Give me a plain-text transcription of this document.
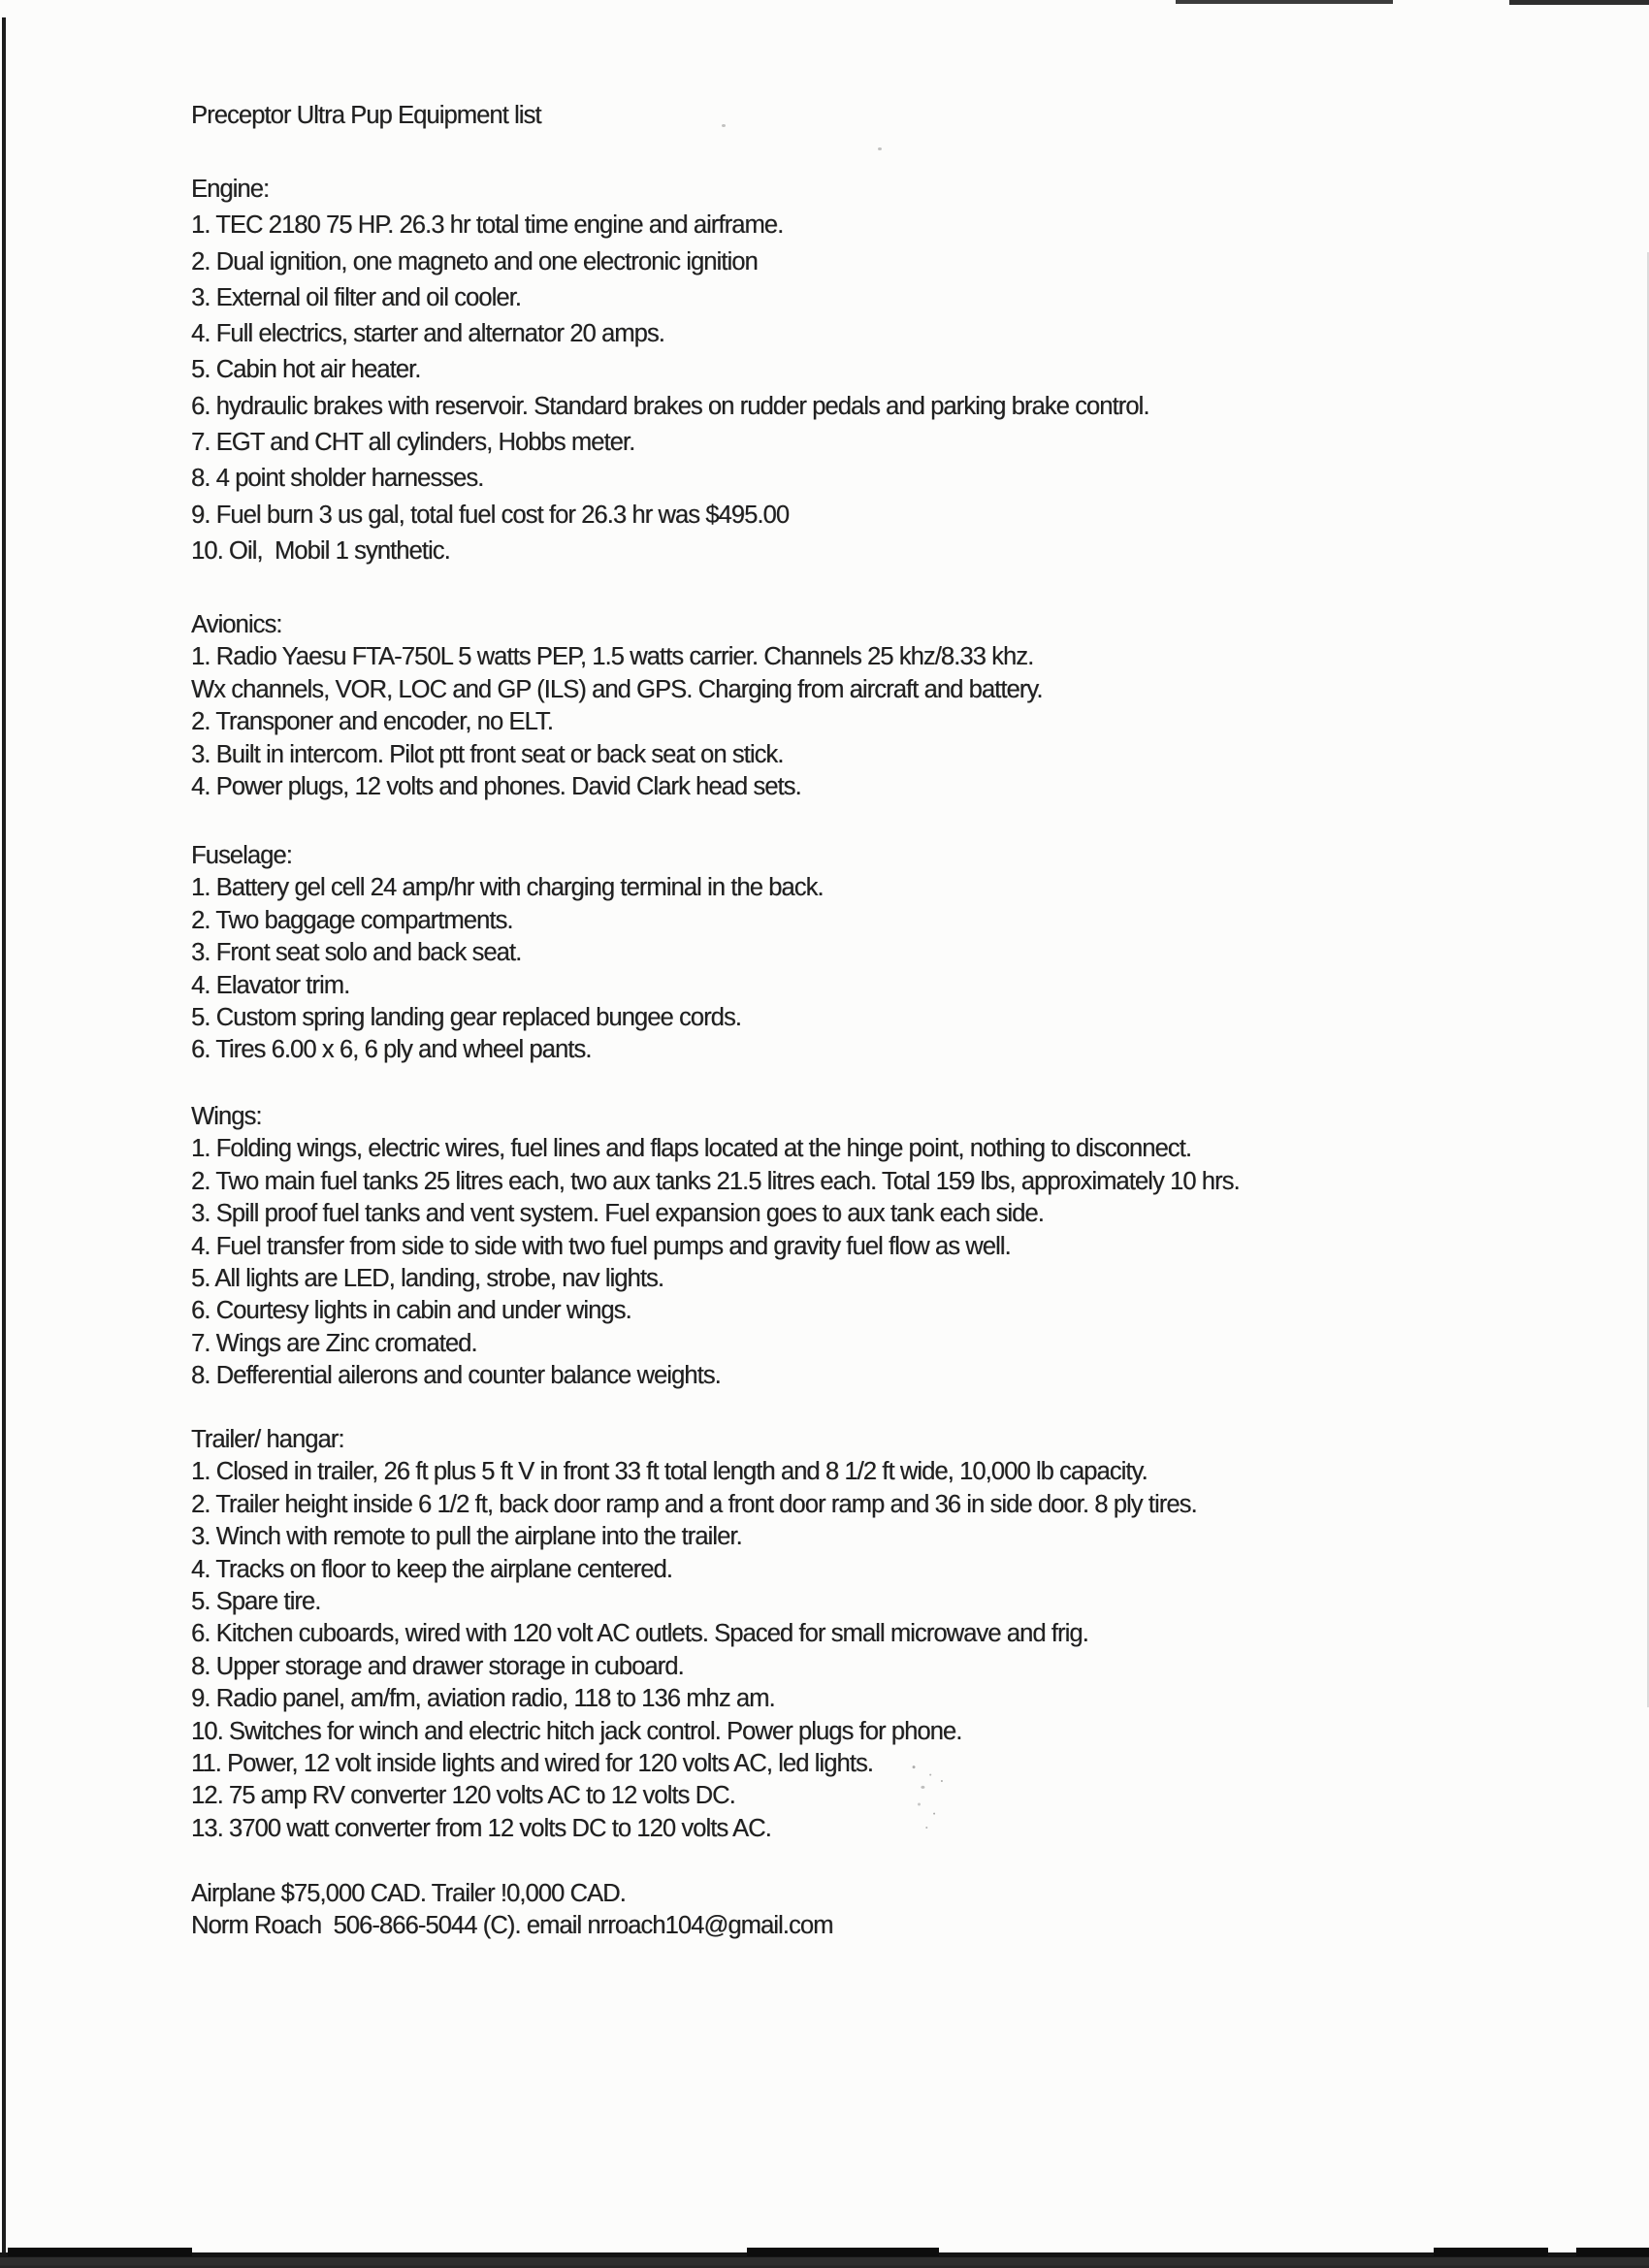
Preceptor Ultra Pup Equipment list
Engine:
1. TEC 2180 75 HP. 26.3 hr total time engine and airframe.
2. Dual ignition, one magneto and one electronic ignition
3. External oil filter and oil cooler.
4. Full electrics, starter and alternator 20 amps.
5. Cabin hot air heater.
6. hydraulic brakes with reservoir. Standard brakes on rudder pedals and parking brake control.
7. EGT and CHT all cylinders, Hobbs meter.
8. 4 point sholder harnesses.
9. Fuel burn 3 us gal, total fuel cost for 26.3 hr was $495.00
10. Oil,  Mobil 1 synthetic.
Avionics:
1. Radio Yaesu FTA-750L 5 watts PEP, 1.5 watts carrier. Channels 25 khz/8.33 khz.
Wx channels, VOR, LOC and GP (ILS) and GPS. Charging from aircraft and battery.
2. Transponer and encoder, no ELT.
3. Built in intercom. Pilot ptt front seat or back seat on stick.
4. Power plugs, 12 volts and phones. David Clark head sets.
Fuselage:
1. Battery gel cell 24 amp/hr with charging terminal in the back.
2. Two baggage compartments.
3. Front seat solo and back seat.
4. Elavator trim.
5. Custom spring landing gear replaced bungee cords.
6. Tires 6.00 x 6, 6 ply and wheel pants.
Wings:
1. Folding wings, electric wires, fuel lines and flaps located at the hinge point, nothing to disconnect.
2. Two main fuel tanks 25 litres each, two aux tanks 21.5 litres each. Total 159 lbs, approximately 10 hrs.
3. Spill proof fuel tanks and vent system. Fuel expansion goes to aux tank each side.
4. Fuel transfer from side to side with two fuel pumps and gravity fuel flow as well.
5. All lights are LED, landing, strobe, nav lights.
6. Courtesy lights in cabin and under wings.
7. Wings are Zinc cromated.
8. Defferential ailerons and counter balance weights.
Trailer/ hangar:
1. Closed in trailer, 26 ft plus 5 ft V in front 33 ft total length and 8 1/2 ft wide, 10,000 lb capacity.
2. Trailer height inside 6 1/2 ft, back door ramp and a front door ramp and 36 in side door. 8 ply tires.
3. Winch with remote to pull the airplane into the trailer.
4. Tracks on floor to keep the airplane centered.
5. Spare tire.
6. Kitchen cuboards, wired with 120 volt AC outlets. Spaced for small microwave and frig.
8. Upper storage and drawer storage in cuboard.
9. Radio panel, am/fm, aviation radio, 118 to 136 mhz am.
10. Switches for winch and electric hitch jack control. Power plugs for phone.
11. Power, 12 volt inside lights and wired for 120 volts AC, led lights.
12. 75 amp RV converter 120 volts AC to 12 volts DC.
13. 3700 watt converter from 12 volts DC to 120 volts AC.
Airplane $75,000 CAD. Trailer !0,000 CAD.
Norm Roach  506-866-5044 (C). email nrroach104@gmail.com
